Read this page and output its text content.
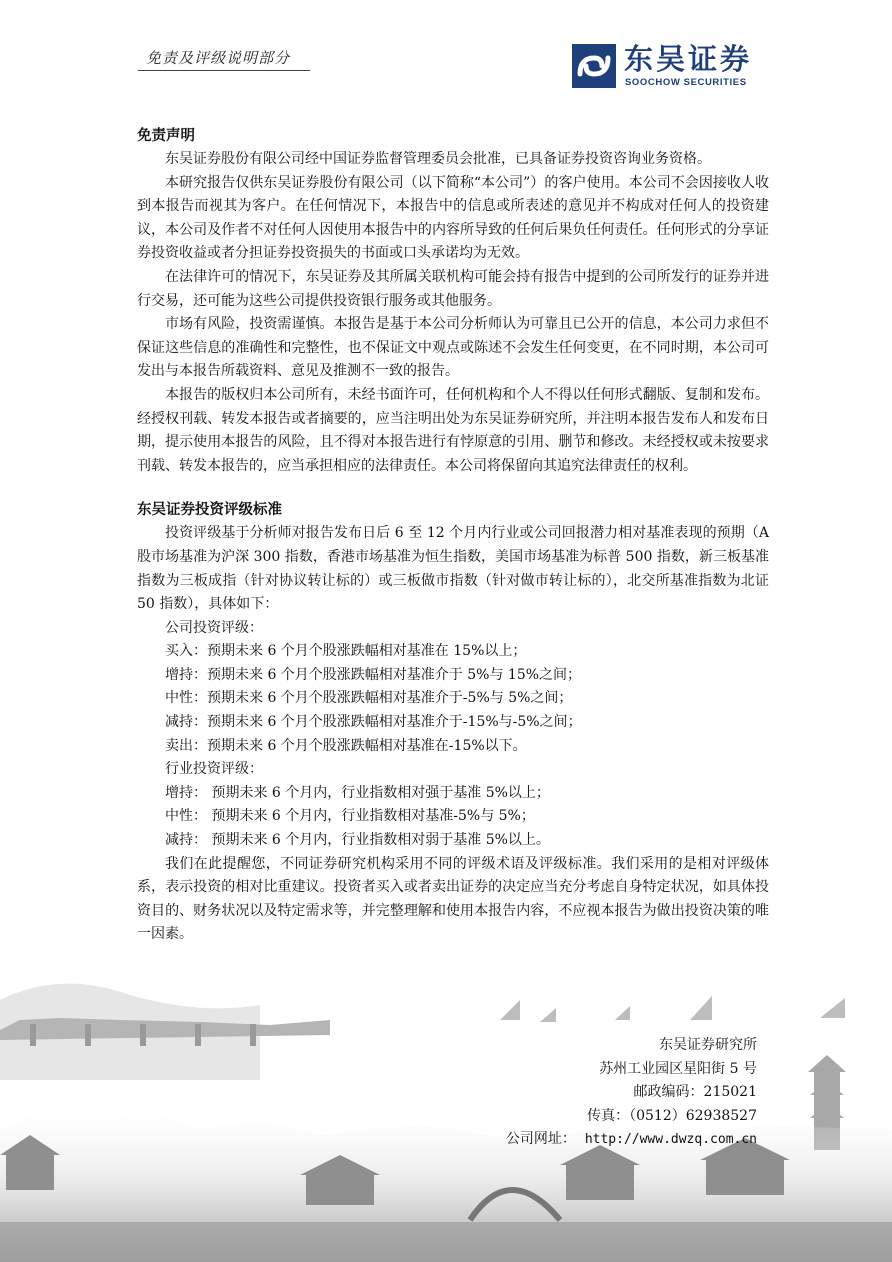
免责及评级说明部分	东吴证券
SOOCHOW SECURITIES
免责声明

东吴证券股份有限公司经中国证券监督管理委员会批准，已具备证券投资咨询业务资格。

本研究报告仅供东吴证券股份有限公司（以下简称“本公司”）的客户使用。本公司不会因接收人收到本报告而视其为客户。在任何情况下，本报告中的信息或所表述的意见并不构成对任何人的投资建议，本公司及作者不对任何人因使用本报告中的内容所导致的任何后果负任何责任。任何形式的分享证券投资收益或者分担证券投资损失的书面或口头承诺均为无效。

在法律许可的情况下，东吴证券及其所属关联机构可能会持有报告中提到的公司所发行的证券并进行交易，还可能为这些公司提供投资银行服务或其他服务。

市场有风险，投资需谨慎。本报告是基于本公司分析师认为可靠且已公开的信息，本公司力求但不保证这些信息的准确性和完整性，也不保证文中观点或陈述不会发生任何变更，在不同时期，本公司可发出与本报告所载资料、意见及推测不一致的报告。

本报告的版权归本公司所有，未经书面许可，任何机构和个人不得以任何形式翻版、复制和发布。经授权刊载、转发本报告或者摘要的，应当注明出处为东吴证券研究所，并注明本报告发布人和发布日期，提示使用本报告的风险，且不得对本报告进行有悖原意的引用、删节和修改。未经授权或未按要求刊载、转发本报告的，应当承担相应的法律责任。本公司将保留向其追究法律责任的权利。

东吴证券投资评级标准

投资评级基于分析师对报告发布日后 6 至 12 个月内行业或公司回报潜力相对基准表现的预期（A 股市场基准为沪深 300 指数，香港市场基准为恒生指数，美国市场基准为标普 500 指数，新三板基准指数为三板成指（针对协议转让标的）或三板做市指数（针对做市转让标的），北交所基准指数为北证 50 指数），具体如下：

公司投资评级：
买入：预期未来 6 个月个股涨跌幅相对基准在 15%以上；
增持：预期未来 6 个月个股涨跌幅相对基准介于 5%与 15%之间；
中性：预期未来 6 个月个股涨跌幅相对基准介于-5%与 5%之间；
减持：预期未来 6 个月个股涨跌幅相对基准介于-15%与-5%之间；
卖出：预期未来 6 个月个股涨跌幅相对基准在-15%以下。
行业投资评级：
增持： 预期未来 6 个月内，行业指数相对强于基准 5%以上；
中性： 预期未来 6 个月内，行业指数相对基准-5%与 5%；
减持： 预期未来 6 个月内，行业指数相对弱于基准 5%以上。

我们在此提醒您，不同证券研究机构采用不同的评级术语及评级标准。我们采用的是相对评级体系，表示投资的相对比重建议。投资者买入或者卖出证券的决定应当充分考虑自身特定状况，如具体投资目的、财务状况以及特定需求等，并完整理解和使用本报告内容，不应视本报告为做出投资决策的唯一因素。

东吴证券研究所
苏州工业园区星阳街 5 号
邮政编码：215021
传真：（0512）62938527
公司网址： http://www.dwzq.com.cn
